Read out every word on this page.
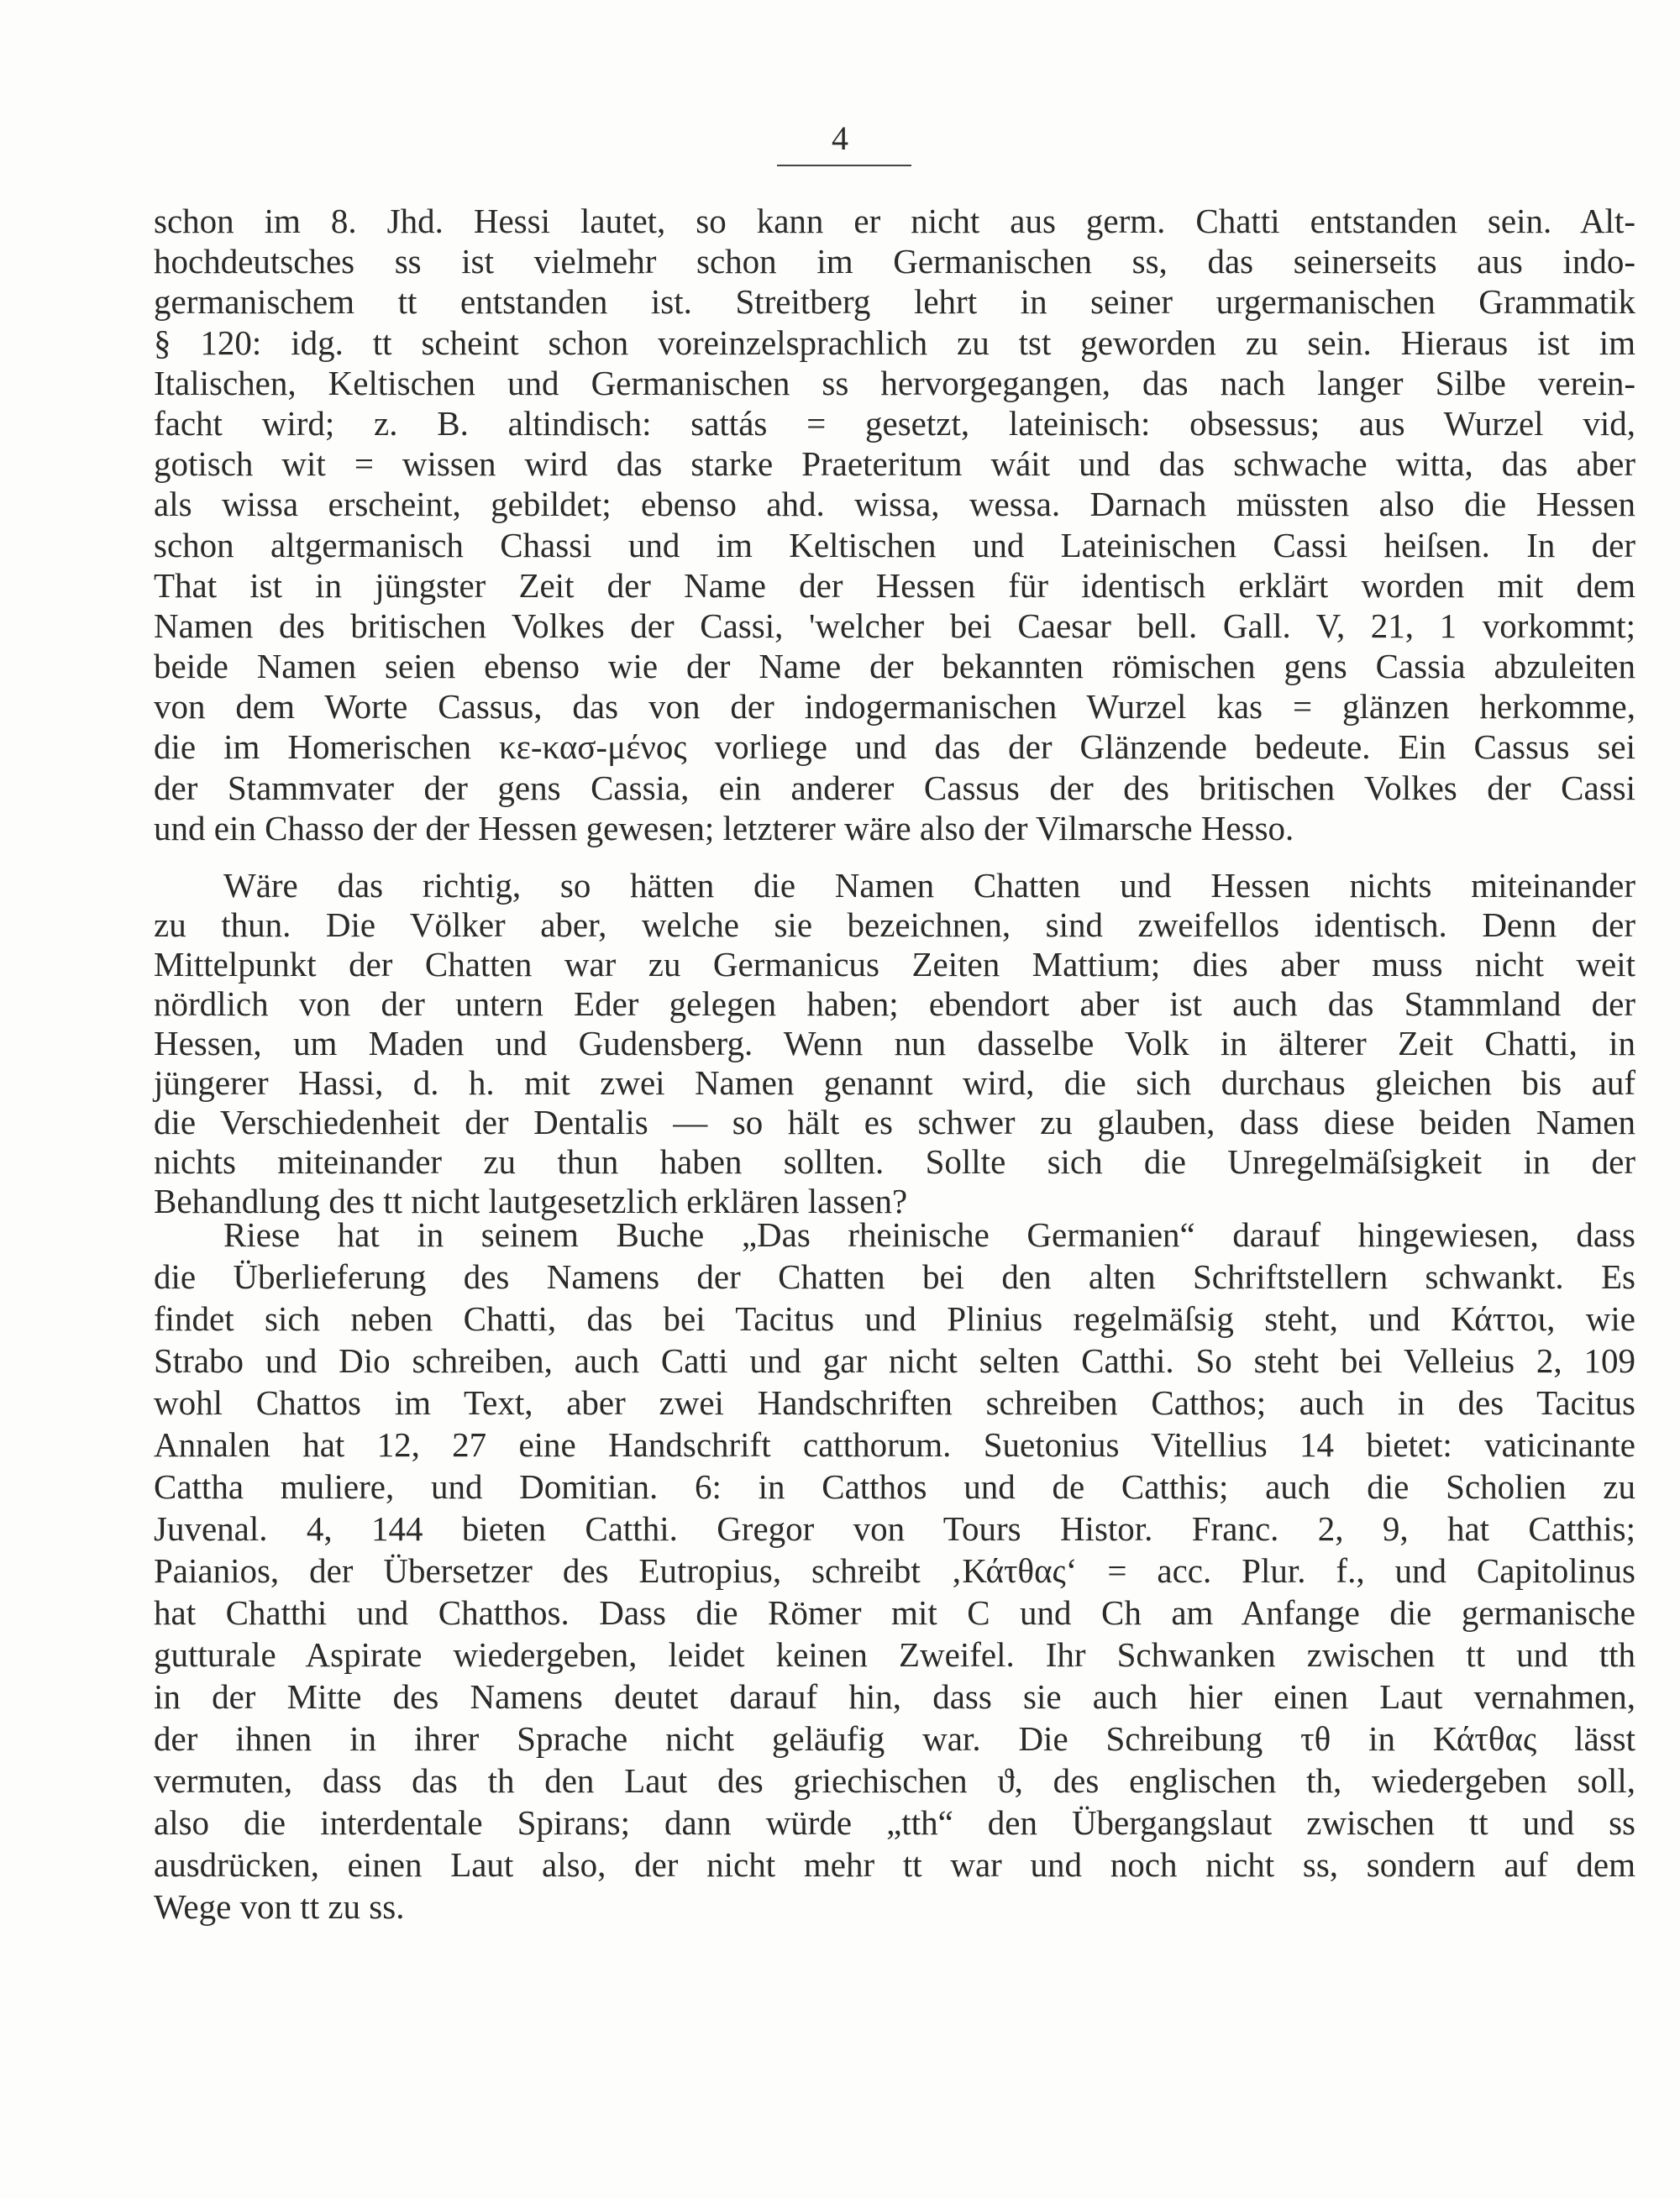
4
schon im 8. Jhd. Hessi lautet, so kann er nicht aus germ. Chatti entstanden sein. Alt-
hochdeutsches ss ist vielmehr schon im Germanischen ss, das seinerseits aus indo-
germanischem tt entstanden ist. Streitberg lehrt in seiner urgermanischen Grammatik
§ 120: idg. tt scheint schon voreinzelsprachlich zu tst geworden zu sein. Hieraus ist im
Italischen, Keltischen und Germanischen ss hervorgegangen, das nach langer Silbe verein-
facht wird; z. B. altindisch: sattás = gesetzt, lateinisch: obsessus; aus Wurzel vid,
gotisch wit = wissen wird das starke Praeteritum wáit und das schwache witta, das aber
als wissa erscheint, gebildet; ebenso ahd. wissa, wessa. Darnach müssten also die Hessen
schon altgermanisch Chassi und im Keltischen und Lateinischen Cassi heiſsen. In der
That ist in jüngster Zeit der Name der Hessen für identisch erklärt worden mit dem
Namen des britischen Volkes der Cassi, 'welcher bei Caesar bell. Gall. V, 21, 1 vorkommt;
beide Namen seien ebenso wie der Name der bekannten römischen gens Cassia abzuleiten
von dem Worte Cassus, das von der indogermanischen Wurzel kas = glänzen herkomme,
die im Homerischen κε-κασ-μένος vorliege und das der Glänzende bedeute. Ein Cassus sei
der Stammvater der gens Cassia, ein anderer Cassus der des britischen Volkes der Cassi
und ein Chasso der der Hessen gewesen; letzterer wäre also der Vilmarsche Hesso.
Wäre das richtig, so hätten die Namen Chatten und Hessen nichts miteinander
zu thun. Die Völker aber, welche sie bezeichnen, sind zweifellos identisch. Denn der
Mittelpunkt der Chatten war zu Germanicus Zeiten Mattium; dies aber muss nicht weit
nördlich von der untern Eder gelegen haben; ebendort aber ist auch das Stammland der
Hessen, um Maden und Gudensberg. Wenn nun dasselbe Volk in älterer Zeit Chatti, in
jüngerer Hassi, d. h. mit zwei Namen genannt wird, die sich durchaus gleichen bis auf
die Verschiedenheit der Dentalis — so hält es schwer zu glauben, dass diese beiden Namen
nichts miteinander zu thun haben sollten. Sollte sich die Unregelmäſsigkeit in der
Behandlung des tt nicht lautgesetzlich erklären lassen?
Riese hat in seinem Buche „Das rheinische Germanien“ darauf hingewiesen, dass
die Überlieferung des Namens der Chatten bei den alten Schriftstellern schwankt. Es
findet sich neben Chatti, das bei Tacitus und Plinius regelmäſsig steht, und Κάττοι, wie
Strabo und Dio schreiben, auch Catti und gar nicht selten Catthi. So steht bei Velleius 2, 109
wohl Chattos im Text, aber zwei Handschriften schreiben Catthos; auch in des Tacitus
Annalen hat 12, 27 eine Handschrift catthorum. Suetonius Vitellius 14 bietet: vaticinante
Cattha muliere, und Domitian. 6: in Catthos und de Catthis; auch die Scholien zu
Juvenal. 4, 144 bieten Catthi. Gregor von Tours Histor. Franc. 2, 9, hat Catthis;
Paianios, der Übersetzer des Eutropius, schreibt ‚Κάτθας‘ = acc. Plur. f., und Capitolinus
hat Chatthi und Chatthos. Dass die Römer mit C und Ch am Anfange die germanische
gutturale Aspirate wiedergeben, leidet keinen Zweifel. Ihr Schwanken zwischen tt und tth
in der Mitte des Namens deutet darauf hin, dass sie auch hier einen Laut vernahmen,
der ihnen in ihrer Sprache nicht geläufig war. Die Schreibung τθ in Κάτθας lässt
vermuten, dass das th den Laut des griechischen ϑ, des englischen th, wiedergeben soll,
also die interdentale Spirans; dann würde „tth“ den Übergangslaut zwischen tt und ss
ausdrücken, einen Laut also, der nicht mehr tt war und noch nicht ss, sondern auf dem
Wege von tt zu ss.
